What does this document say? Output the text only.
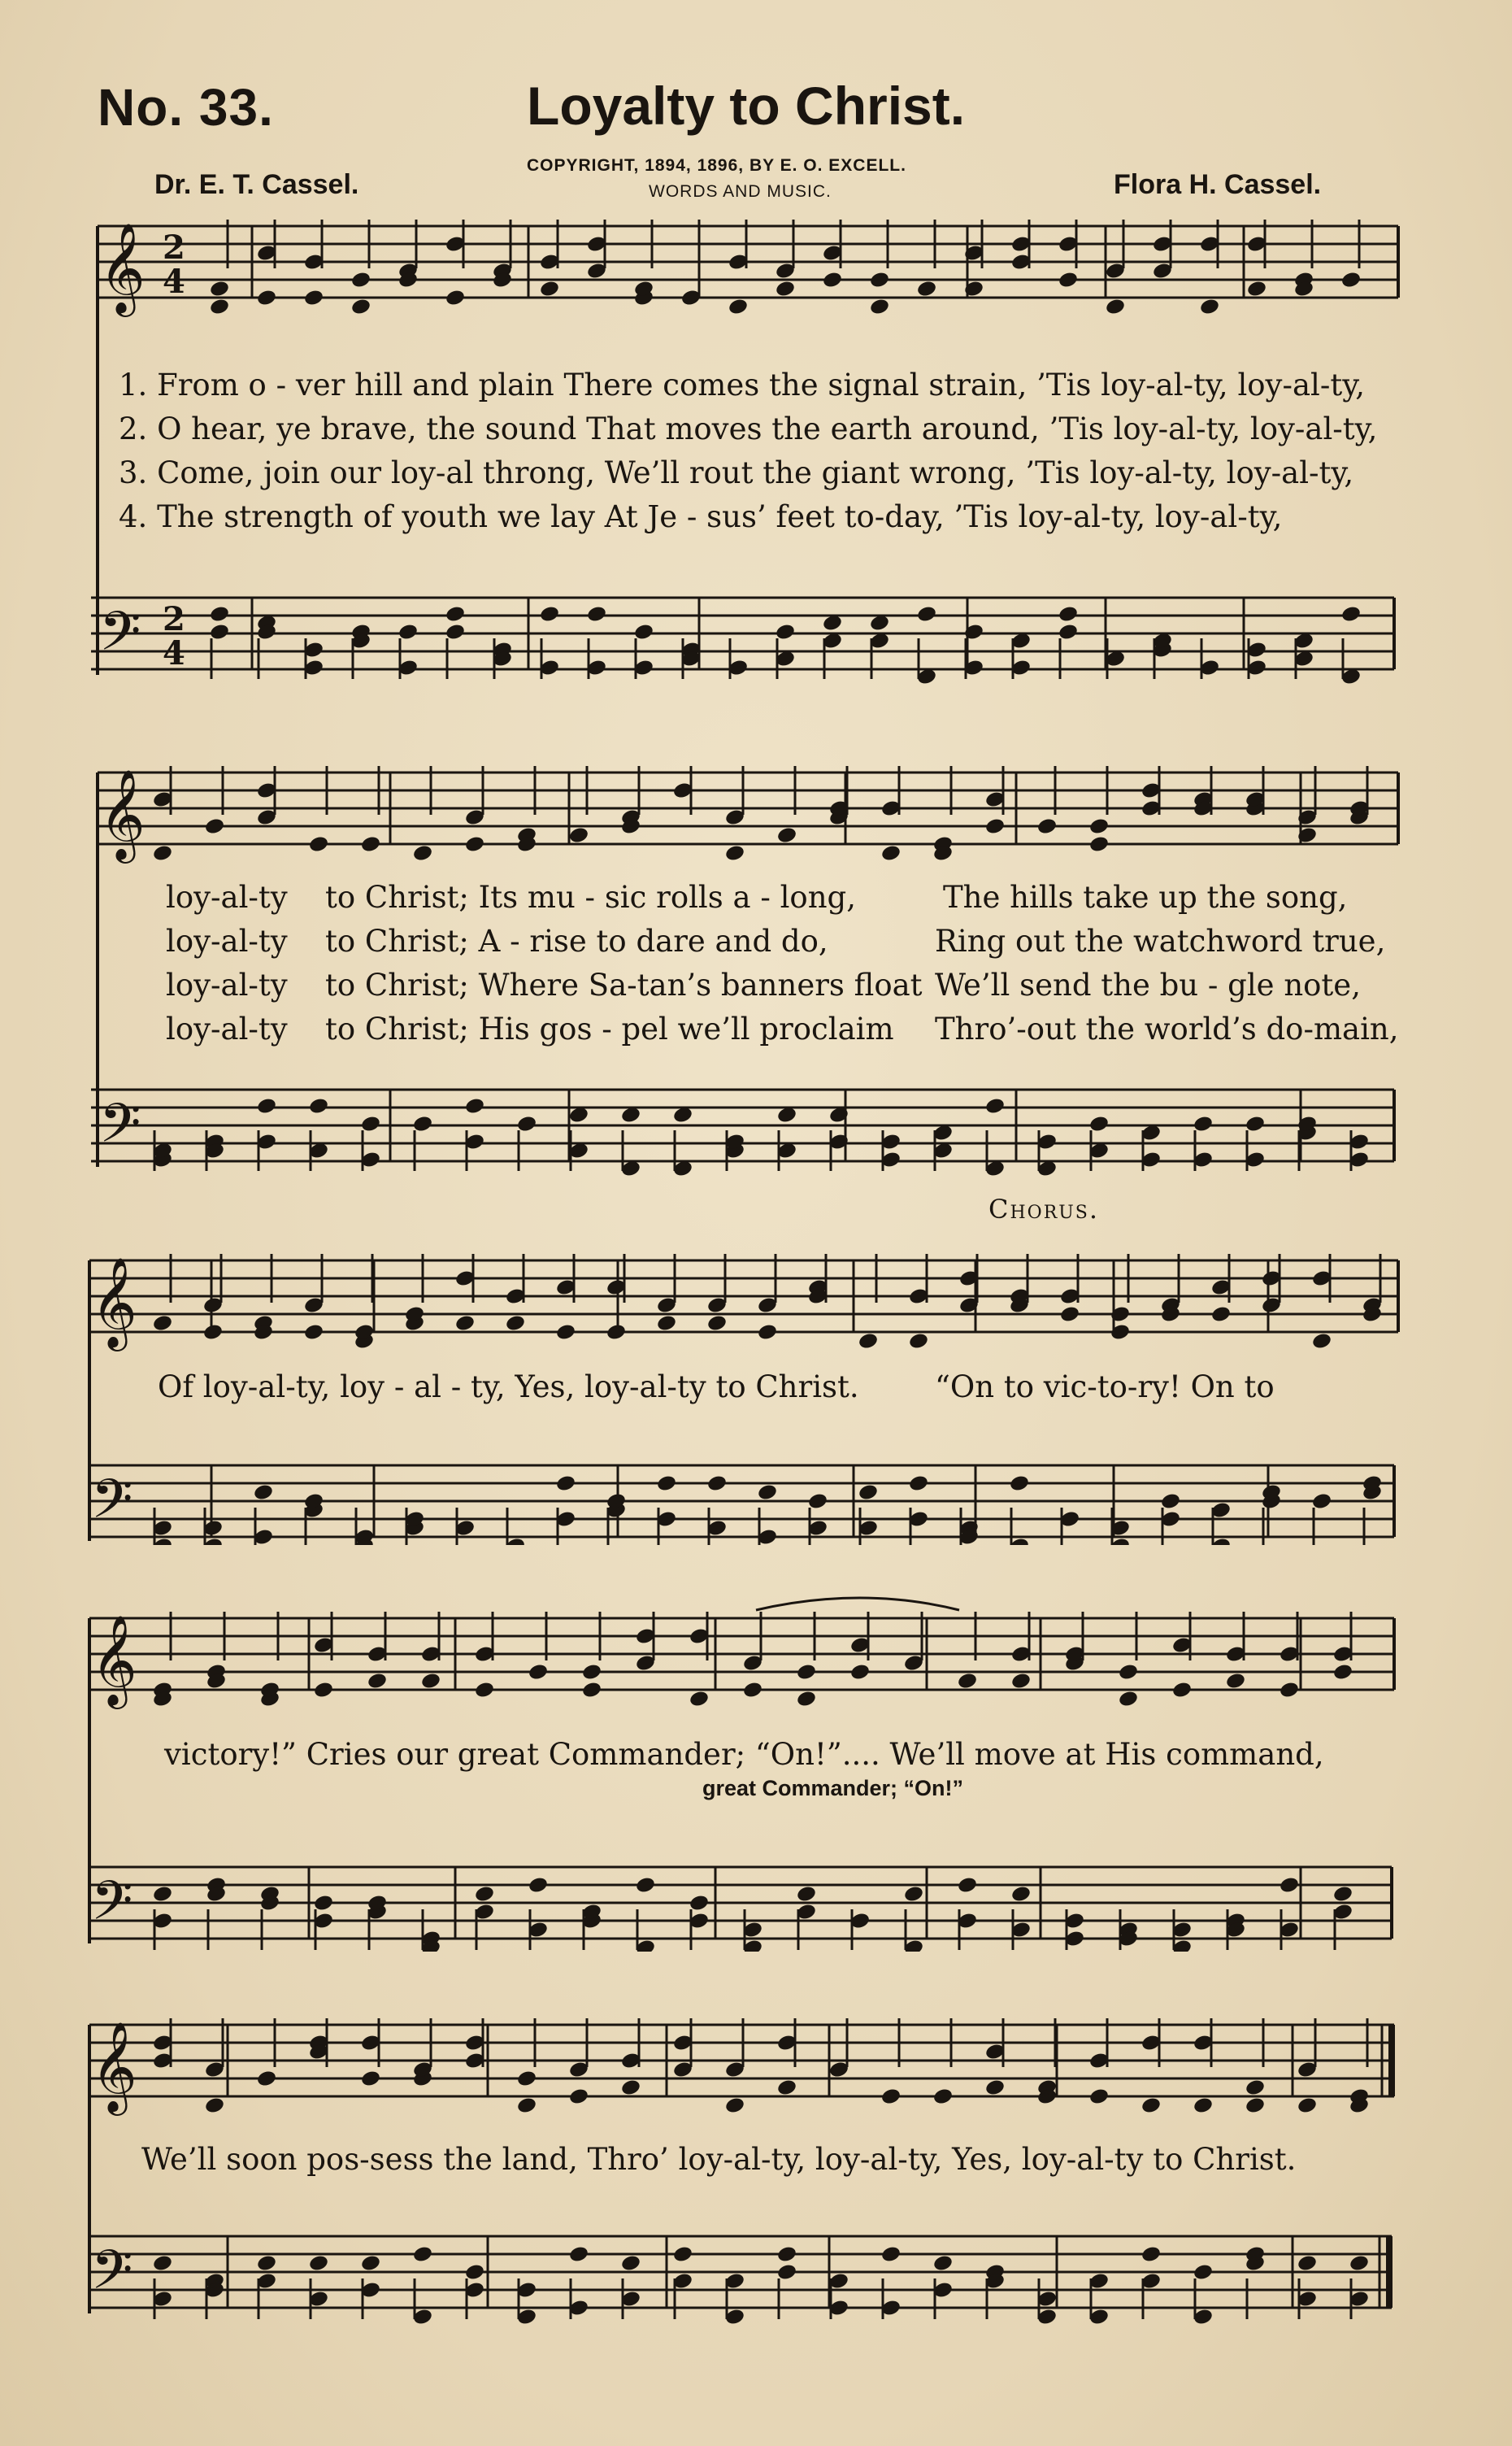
No. 33.	Loyalty to Christ.
COPYRIGHT, 1894, 1896, BY E. O. EXCELL.
WORDS AND MUSIC.
Dr. E. T. Cassel.	Flora H. Cassel.
𝄞 2
4
𝄢 2
4
1. From o - ver hill and plain There comes the signal strain, ’Tis loy-al-ty, loy-al-ty,
2. O hear, ye brave, the sound That moves the earth around, ’Tis loy-al-ty, loy-al-ty,
3. Come, join our loy-al throng, We’ll rout the giant wrong, ’Tis loy-al-ty, loy-al-ty,
4. The strength of youth we lay At Je - sus’ feet to-day, ’Tis loy-al-ty, loy-al-ty,
𝄞
𝄢
loy-al-ty to Christ; Its mu - sic rolls a - long,	The hills take up the song,
loy-al-ty to Christ; A - rise to dare and do,	Ring out the watchword true,
loy-al-ty to Christ; Where Sa-tan’s banners float We’ll send the bu - gle note,
loy-al-ty to Christ; His gos - pel we’ll proclaim Thro’-out the world’s do-main,
Chorus.
𝄞
𝄢
Of loy-al-ty, loy - al - ty, Yes, loy-al-ty to Christ.	“On to vic-to-ry! On to
𝄞
𝄢
victory!” Cries our great Commander; “On!”.... We’ll move at His command,
great Commander; “On!”
𝄞
𝄢
We’ll soon pos-sess the land, Thro’ loy-al-ty, loy-al-ty, Yes, loy-al-ty to Christ.
